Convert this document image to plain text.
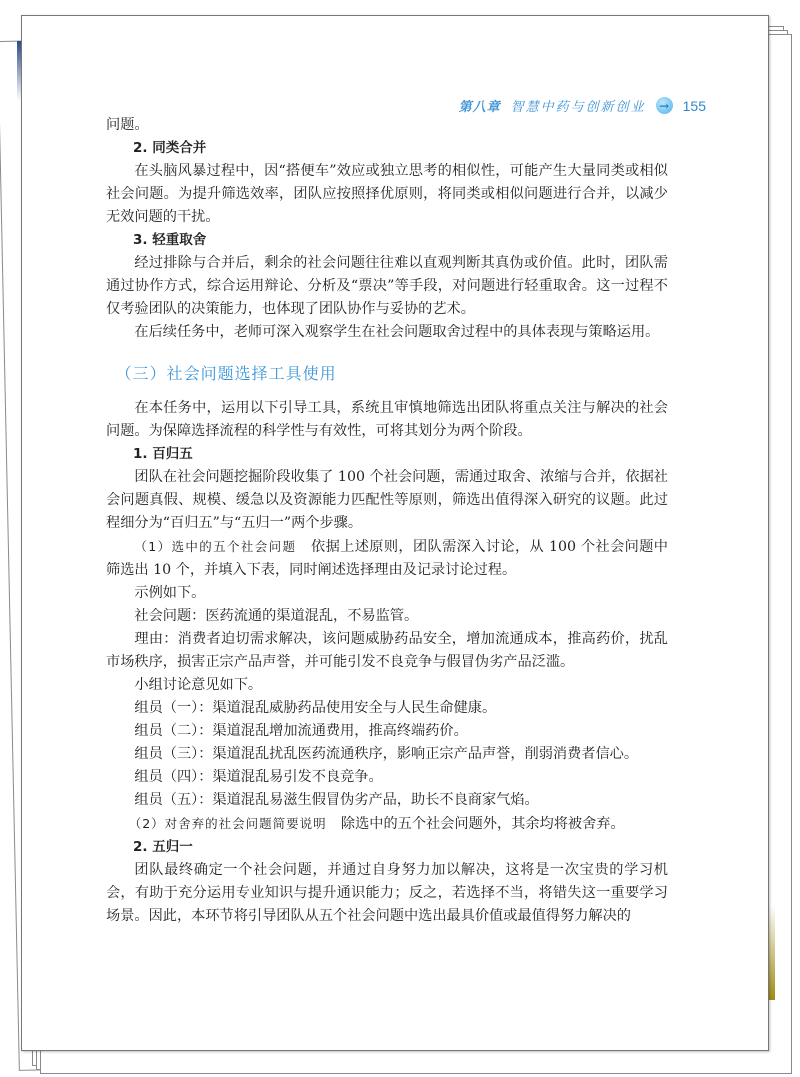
第八章 智慧中药与创新创业 → 155

问题。

2. 同类合并

在头脑风暴过程中，因“搭便车”效应或独立思考的相似性，可能产生大量同类或相似社会问题。为提升筛选效率，团队应按照择优原则，将同类或相似问题进行合并，以减少无效问题的干扰。

3. 轻重取舍

经过排除与合并后，剩余的社会问题往往难以直观判断其真伪或价值。此时，团队需通过协作方式，综合运用辩论、分析及“票决”等手段，对问题进行轻重取舍。这一过程不仅考验团队的决策能力，也体现了团队协作与妥协的艺术。

在后续任务中，老师可深入观察学生在社会问题取舍过程中的具体表现与策略运用。

（三）社会问题选择工具使用

在本任务中，运用以下引导工具，系统且审慎地筛选出团队将重点关注与解决的社会问题。为保障选择流程的科学性与有效性，可将其划分为两个阶段。

1. 百归五

团队在社会问题挖掘阶段收集了 100 个社会问题，需通过取舍、浓缩与合并，依据社会问题真假、规模、缓急以及资源能力匹配性等原则，筛选出值得深入研究的议题。此过程细分为“百归五”与“五归一”两个步骤。

（1）选中的五个社会问题　 依据上述原则，团队需深入讨论，从 100 个社会问题中筛选出 10 个，并填入下表，同时阐述选择理由及记录讨论过程。

示例如下。

社会问题：医药流通的渠道混乱，不易监管。

理由：消费者迫切需求解决，该问题威胁药品安全，增加流通成本，推高药价，扰乱市场秩序，损害正宗产品声誉，并可能引发不良竞争与假冒伪劣产品泛滥。

小组讨论意见如下。

组员（一）：渠道混乱威胁药品使用安全与人民生命健康。

组员（二）：渠道混乱增加流通费用，推高终端药价。

组员（三）：渠道混乱扰乱医药流通秩序，影响正宗产品声誉，削弱消费者信心。

组员（四）：渠道混乱易引发不良竞争。

组员（五）：渠道混乱易滋生假冒伪劣产品，助长不良商家气焰。

（2）对舍弃的社会问题简要说明　 除选中的五个社会问题外，其余均将被舍弃。

2. 五归一

团队最终确定一个社会问题，并通过自身努力加以解决，这将是一次宝贵的学习机会，有助于充分运用专业知识与提升通识能力；反之，若选择不当，将错失这一重要学习场景。因此，本环节将引导团队从五个社会问题中选出最具价值或最值得努力解决的
